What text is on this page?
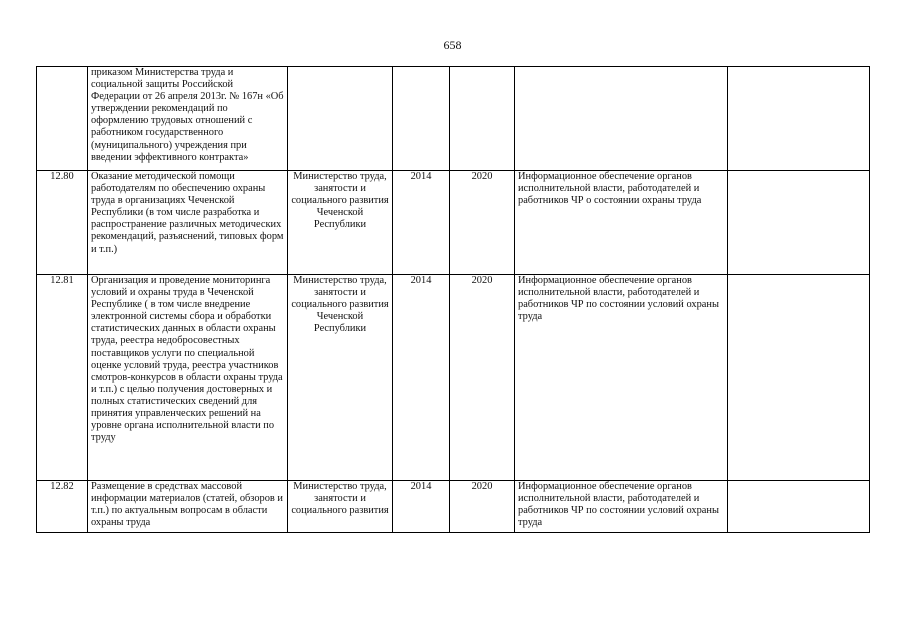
658
	приказом Министерства труда и социальной защиты Российской Федерации от 26 апреля 2013г. № 167н «Об утверждении рекомендаций по оформлению трудовых отношений с работником государственного (муниципального) учреждения при введении эффективного контракта»					
12.80	Оказание методической помощи работодателям по обеспечению охраны труда в организациях Чеченской Республики (в том числе разработка и распространение различных методических рекомендаций, разъяснений, типовых форм и т.п.)	Министерство труда, занятости и социального развития Чеченской Республики	2014	2020	Информационное обеспечение органов исполнительной власти, работодателей и работников ЧР о состоянии охраны труда	
12.81	Организация и проведение мониторинга условий и охраны труда в Чеченской Республике ( в том числе внедрение электронной системы сбора и обработки статистических данных в области охраны труда, реестра недобросовестных поставщиков услуги по специальной оценке условий труда, реестра участников смотров-конкурсов в области охраны труда и т.п.) с целью получения достоверных и полных статистических сведений для принятия управленческих решений на уровне органа исполнительной власти по труду	Министерство труда, занятости и социального развития Чеченской Республики	2014	2020	Информационное обеспечение органов исполнительной власти, работодателей и работников ЧР по состоянии условий охраны труда	
12.82	Размещение в средствах массовой информации материалов (статей, обзоров и т.п.) по актуальным вопросам в области охраны труда	Министерство труда, занятости и социального развития	2014	2020	Информационное обеспечение органов исполнительной власти, работодателей и работников ЧР по состоянии условий охраны труда	
